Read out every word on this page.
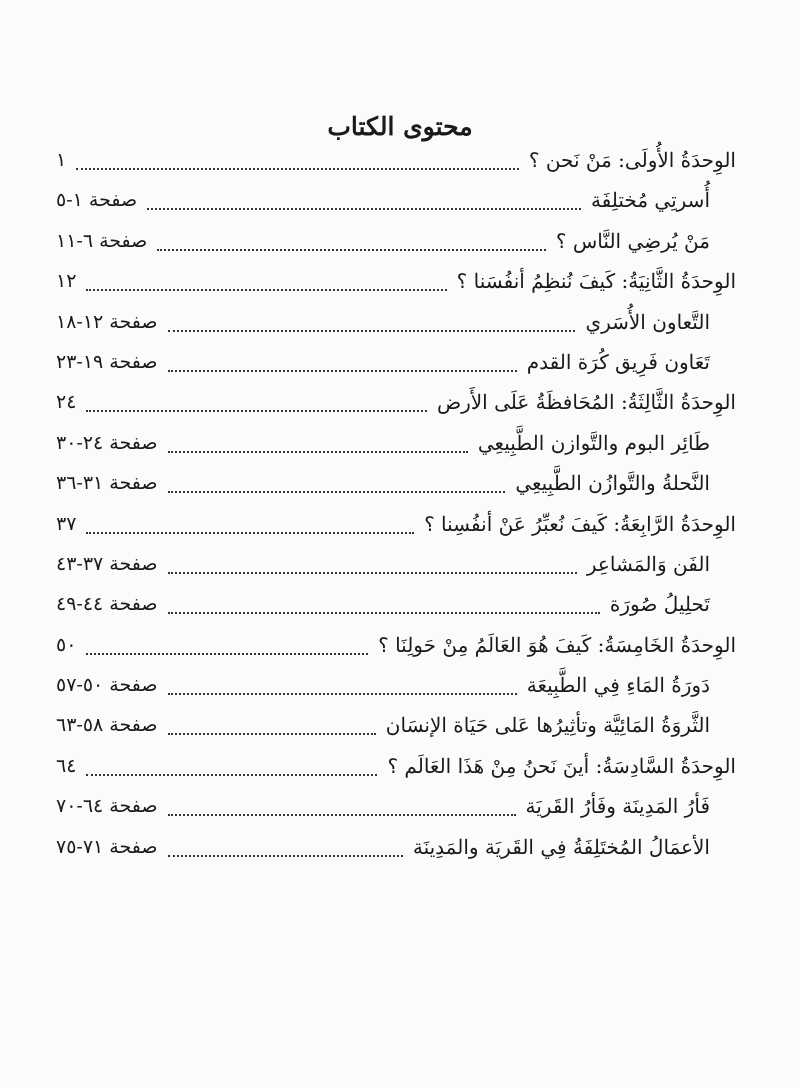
محتوى الكتاب
الوِحدَةُ الأُولَى: مَنْ نَحن ؟
١
أُسرتِي مُختلِفَة
صفحة ١-٥
مَنْ يُرضِي النَّاس ؟
صفحة ٦-١١
الوِحدَةُ الثَّانِيَةُ: كَيفَ نُنظِمُ أنفُسَنا ؟
١٢
التَّعاون الأُسَري
صفحة ١٢-١٨
تَعَاون فَرِيق كُرَة القدم
صفحة ١٩-٢٣
الوِحدَةُ الثَّالِثَةُ: المُحَافظَةُ عَلَى الأَرض
٢٤
طَائِر البوم والتَّوازن الطَّبِيعِي
صفحة ٢٤-٣٠
النَّحلةُ والتَّوازُن الطَّبِيعِي
صفحة ٣١-٣٦
الوِحدَةُ الرَّابِعَةُ: كَيفَ نُعبِّرُ عَنْ أنفُسِنا ؟
٣٧
الفَن وَالمَشاعِر
صفحة ٣٧-٤٣
تَحلِيلُ صُورَة
صفحة ٤٤-٤٩
الوِحدَةُ الخَامِسَةُ: كَيفَ هُوَ العَالَمُ مِنْ حَولِنَا ؟
٥٠
دَورَةُ المَاءِ فِي الطَّبِيعَة
صفحة ٥٠-٥٧
الثَّروَةُ المَائِيَّة وتأثِيرُها عَلى حَيَاة الإنسَان
صفحة ٥٨-٦٣
الوِحدَةُ السَّادِسَةُ: أينَ نَحنُ مِنْ هَذَا العَالَم ؟
٦٤
فَأرُ المَدِينَة وفَأرُ القَريَة
صفحة ٦٤-٧٠
الأعمَالُ المُختَلِفَةُ فِي القَريَة والمَدِينَة
صفحة ٧١-٧٥
